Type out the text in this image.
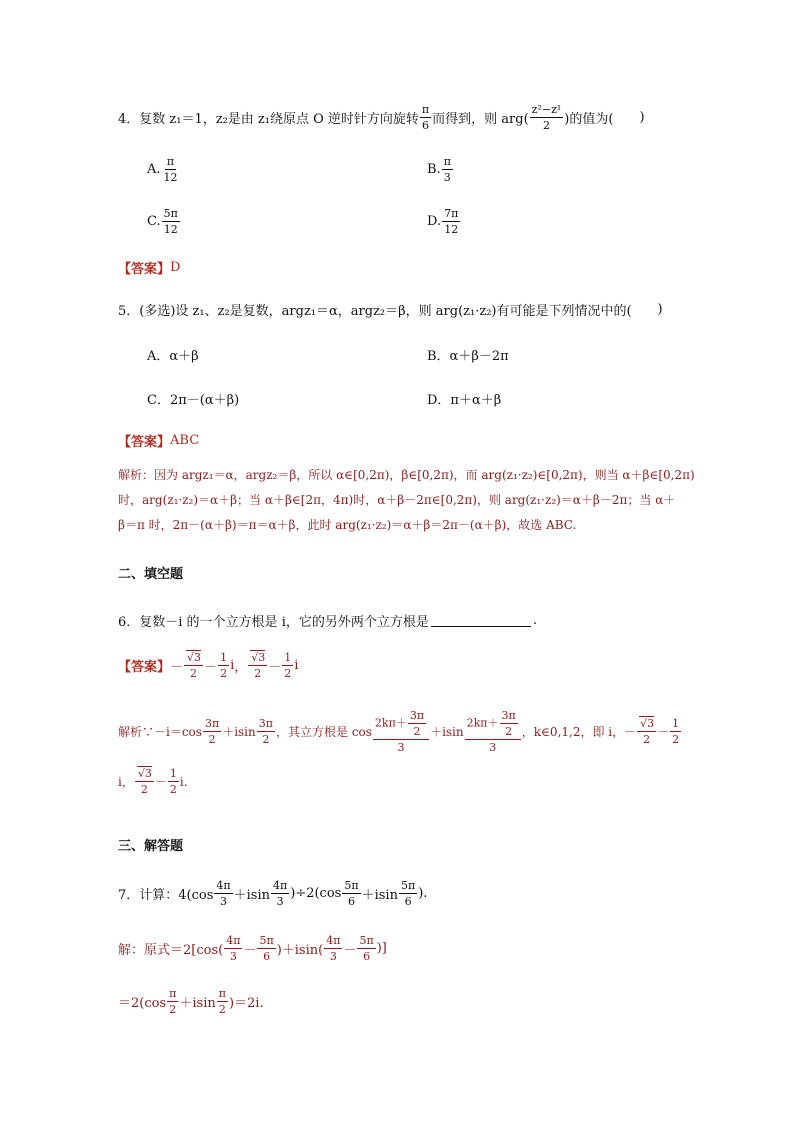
4．复数 z₁＝1，z₂是由 z₁绕原点 O 逆时针方向旋转 $\frac{\pi}{6}$ 而得到，则 $arg( \frac{\text{z²−z¹}}{2}$ )的值为( )
A. $\frac{\pi}{12}$	B. $\frac{\pi}{3}$
C. $\frac{5\pi}{12}$	D. $\frac{7\pi}{12}$
【答案】 D
5．(多选)设 z₁、z₂是复数，argz₁＝α，argz₂＝β，则 arg(z₁·z₂)有可能是下列情况中的( )
A．α＋β	B．α＋β－2π
C．2π－(α＋β)	D．π＋α＋β
【答案】 ABC
解析：因为 argz₁＝α，argz₂＝β，所以 α∈[0,2π)，β∈[0,2π)，而 arg(z₁·z₂)∈[0,2π)，则当 α＋β∈[0,2π)
时，arg(z₁·z₂)＝α＋β；当 α＋β∈[2π，4π)时，α＋β－2π∈[0,2π)，则 arg(z₁·z₂)＝α＋β－2π；当 α＋
β＝π 时，2π－(α＋β)＝π＝α＋β，此时 arg(z₁·z₂)＝α＋β＝2π－(α＋β)，故选 ABC.
二、填空题
6．复数－i 的一个立方根是 i，它的另外两个立方根是	.
【答案】 － $\frac{√3}{2} - \frac{1}{2}$ i ， $\frac{√3}{2} - \frac{1}{2}$ i
解析∵－i＝cos $\frac{3\pi}{2} +isin \frac{3\pi}{2}$ ，其立方根是 $\cos \frac{2k\pi+ \frac{3\pi}{2}}{3} +isin \frac{2k\pi+ \frac{3\pi}{2}}{3}$ ，k∈0,1,2，即 i，－ $\frac{√3}{2} - \frac{1}{2}$
i， $\frac{√3}{2} - \frac{1}{2} i$.
三、解答题
7．计算：$4(\cos \frac{4\pi}{3} +isin \frac{4\pi}{3} )\div 2(\cos \frac{5\pi}{6} +isin \frac{5\pi}{6}$ ).
解：原式$=2[\cos( \frac{4\pi}{3} - \frac{5\pi}{6} )+isin( \frac{4\pi}{3} - \frac{5\pi}{6}$ )]
$=2(\cos \frac{\pi}{2} +isin \frac{\pi}{2} )=2i$.
